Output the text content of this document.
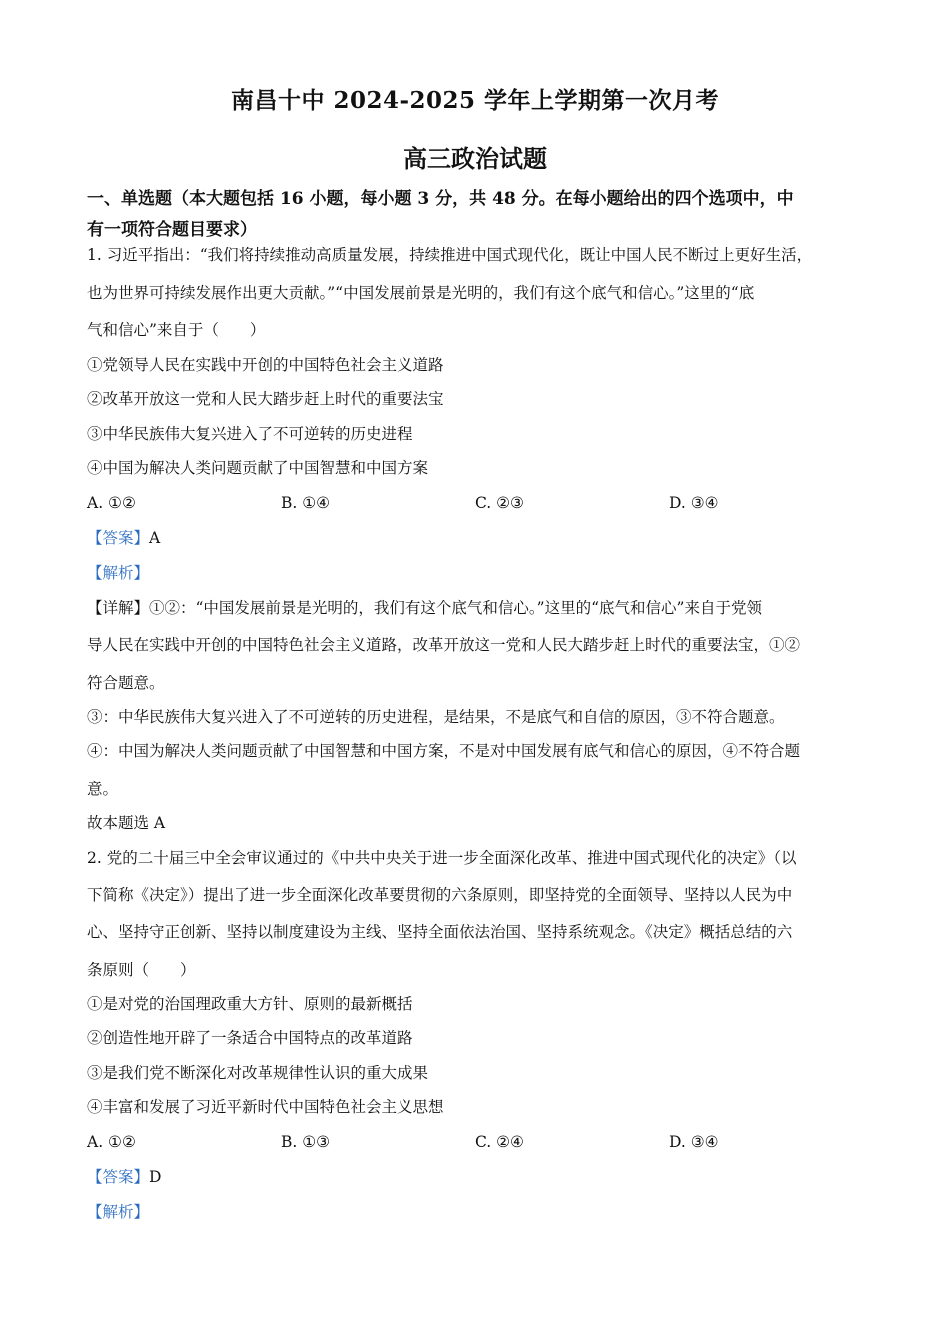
南昌十中 2024-2025 学年上学期第一次月考
高三政治试题
一、单选题（本大题包括 16 小题，每小题 3 分，共 48 分。在每小题给出的四个选项中，中
有一项符合题目要求）
1. 习近平指出：“我们将持续推动高质量发展，持续推进中国式现代化，既让中国人民不断过上更好生活，
也为世界可持续发展作出更大贡献。”“中国发展前景是光明的，我们有这个底气和信心。”这里的“底
气和信心”来自于（　　）
①党领导人民在实践中开创的中国特色社会主义道路
②改革开放这一党和人民大踏步赶上时代的重要法宝
③中华民族伟大复兴进入了不可逆转的历史进程
④中国为解决人类问题贡献了中国智慧和中国方案
A. ①②	B. ①④	C. ②③	D. ③④
【答案】A
【解析】
【详解】①②：“中国发展前景是光明的，我们有这个底气和信心。”这里的“底气和信心”来自于党领
导人民在实践中开创的中国特色社会主义道路，改革开放这一党和人民大踏步赶上时代的重要法宝，①②
符合题意。
③：中华民族伟大复兴进入了不可逆转的历史进程，是结果，不是底气和自信的原因，③不符合题意。
④：中国为解决人类问题贡献了中国智慧和中国方案，不是对中国发展有底气和信心的原因，④不符合题
意。
故本题选 A
2. 党的二十届三中全会审议通过的《中共中央关于进一步全面深化改革、推进中国式现代化的决定》（以
下简称《决定》）提出了进一步全面深化改革要贯彻的六条原则，即坚持党的全面领导、坚持以人民为中
心、坚持守正创新、坚持以制度建设为主线、坚持全面依法治国、坚持系统观念。《决定》概括总结的六
条原则（　　）
①是对党的治国理政重大方针、原则的最新概括
②创造性地开辟了一条适合中国特点的改革道路
③是我们党不断深化对改革规律性认识的重大成果
④丰富和发展了习近平新时代中国特色社会主义思想
A. ①②	B. ①③	C. ②④	D. ③④
【答案】D
【解析】
